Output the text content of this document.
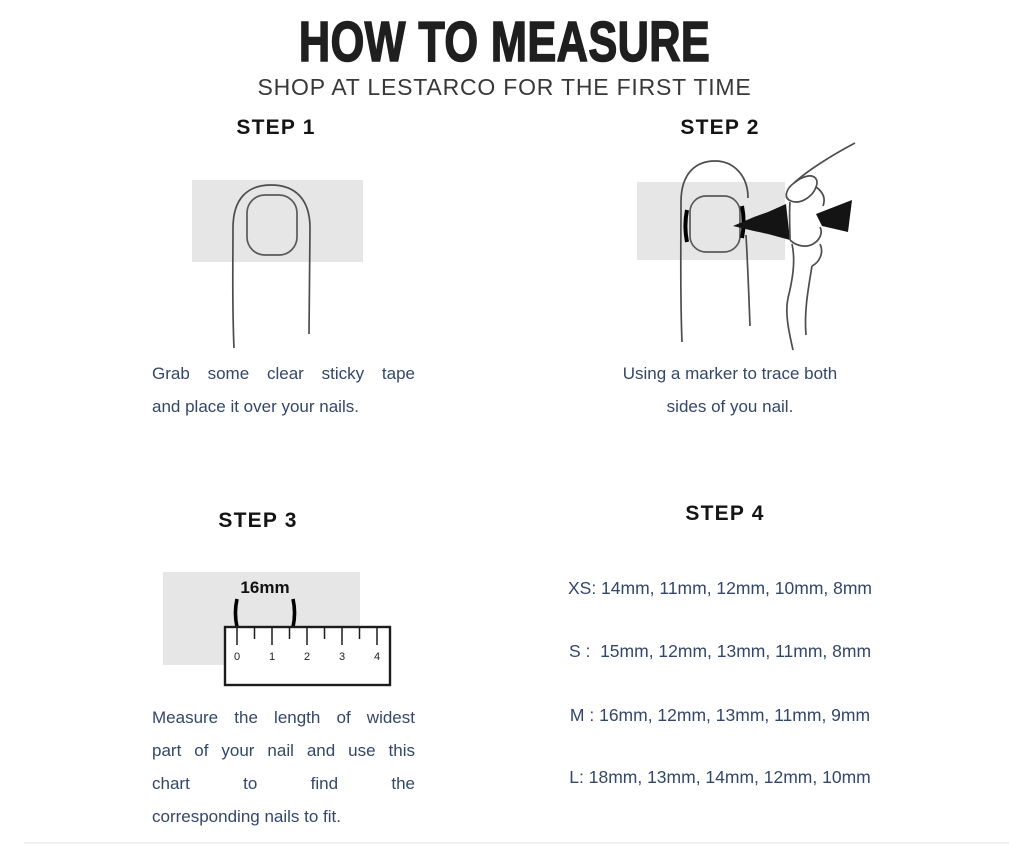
HOW TO MEASURE
SHOP AT LESTARCO FOR THE FIRST TIME
STEP 1	STEP 2
STEP 3	STEP 4
16mm
0	1	2	3	4
Grab some clear sticky tape
and place it over your nails.
Using a marker to trace both
sides of you nail.
Measure the length of widest
part of your nail and use this
chart to find the
corresponding nails to fit.
XS: 14mm, 11mm, 12mm, 10mm, 8mm
S :  15mm, 12mm, 13mm, 11mm, 8mm
M : 16mm, 12mm, 13mm, 11mm, 9mm
L: 18mm, 13mm, 14mm, 12mm, 10mm
